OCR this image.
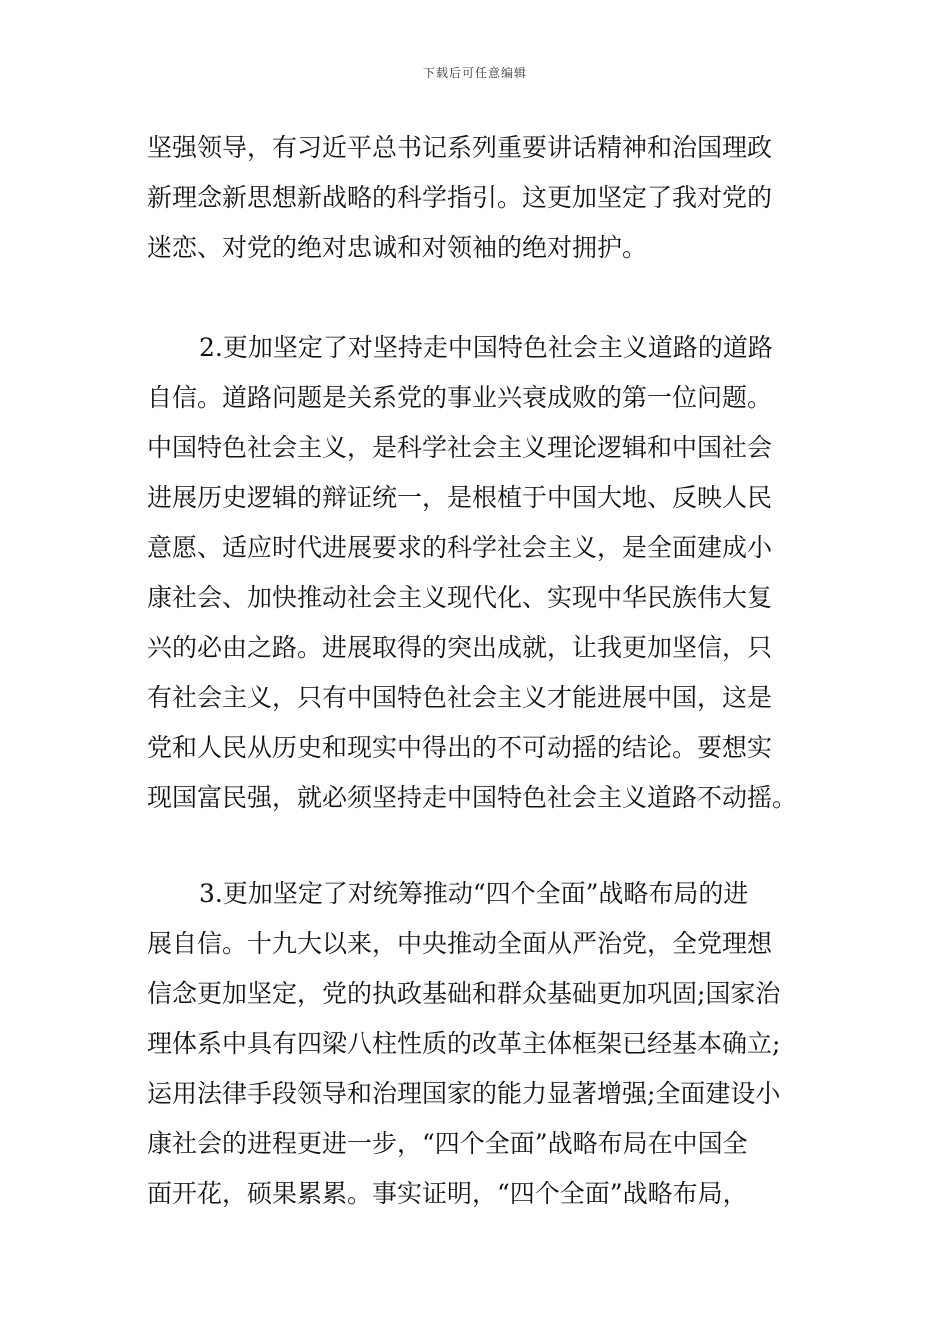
下载后可任意编辑
坚强领导，有习近平总书记系列重要讲话精神和治国理政
新理念新思想新战略的科学指引。这更加坚定了我对党的
迷恋、对党的绝对忠诚和对领袖的绝对拥护。
2.更加坚定了对坚持走中国特色社会主义道路的道路
自信。道路问题是关系党的事业兴衰成败的第一位问题。
中国特色社会主义，是科学社会主义理论逻辑和中国社会
进展历史逻辑的辩证统一，是根植于中国大地、反映人民
意愿、适应时代进展要求的科学社会主义，是全面建成小
康社会、加快推动社会主义现代化、实现中华民族伟大复
兴的必由之路。进展取得的突出成就，让我更加坚信，只
有社会主义，只有中国特色社会主义才能进展中国，这是
党和人民从历史和现实中得出的不可动摇的结论。要想实
现国富民强，就必须坚持走中国特色社会主义道路不动摇。
3.更加坚定了对统筹推动“四个全面”战略布局的进
展自信。十九大以来，中央推动全面从严治党，全党理想
信念更加坚定，党的执政基础和群众基础更加巩固;国家治
理体系中具有四梁八柱性质的改革主体框架已经基本确立;
运用法律手段领导和治理国家的能力显著增强;全面建设小
康社会的进程更进一步，“四个全面”战略布局在中国全
面开花，硕果累累。事实证明，“四个全面”战略布局，
